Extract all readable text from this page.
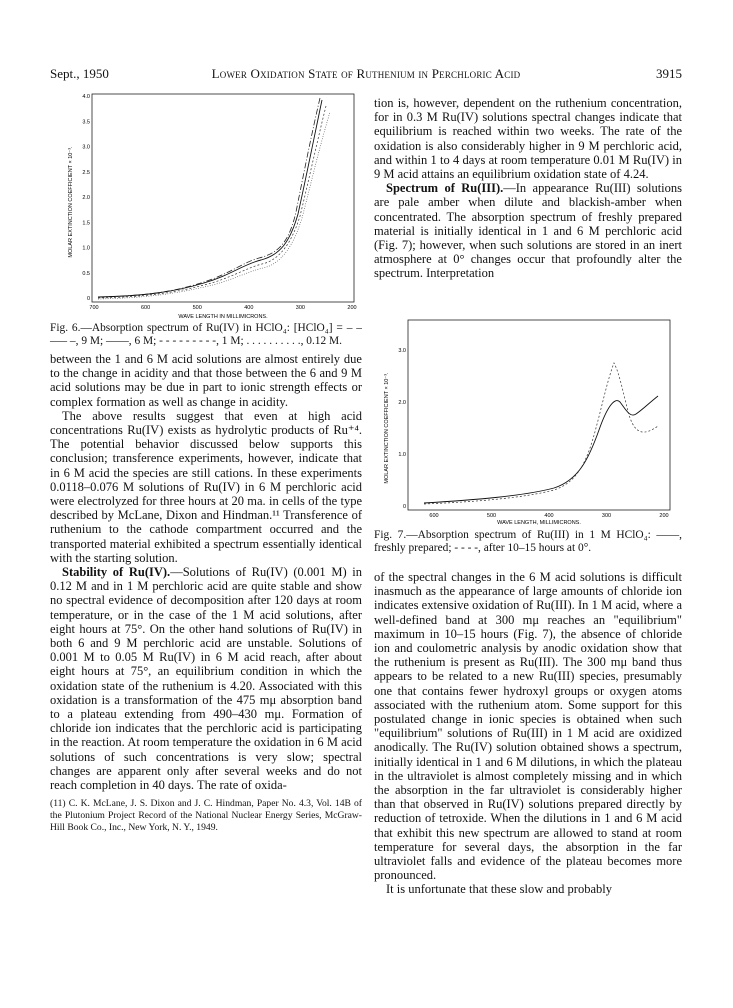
Sept., 1950	Lower Oxidation State of Ruthenium in Perchloric Acid	3915
4.0
3.5
3.0
2.5
2.0
1.5
1.0
0.5
0
700	600	500	400	300	200
MOLAR EXTINCTION COEFFICIENT × 10⁻³.
WAVE LENGTH IN MILLIMICRONS.

Fig. 6.—Absorption spectrum of Ru(IV) in HClO₄: [HClO₄] = – – —– –, 9 M; ——, 6 M; - - - - - - - - -, 1 M; . . . . . . . . . ., 0.12 M.

between the 1 and 6 M acid solutions are almost entirely due to the change in acidity and that those between the 6 and 9 M acid solutions may be due in part to ionic strength effects or complex formation as well as change in acidity.

The above results suggest that even at high acid concentrations Ru(IV) exists as hydrolytic products of Ru⁺⁴. The potential behavior discussed below supports this conclusion; transference experiments, however, indicate that in 6 M acid the species are still cations. In these experiments 0.0118–0.076 M solutions of Ru(IV) in 6 M perchloric acid were electrolyzed for three hours at 20 ma. in cells of the type described by McLane, Dixon and Hindman.¹¹ Transference of ruthenium to the cathode compartment occurred and the transported material exhibited a spectrum essentially identical with the starting solution.

Stability of Ru(IV).—Solutions of Ru(IV) (0.001 M) in 0.12 M and in 1 M perchloric acid are quite stable and show no spectral evidence of decomposition after 120 days at room temperature, or in the case of the 1 M acid solutions, after eight hours at 75°. On the other hand solutions of Ru(IV) in both 6 and 9 M perchloric acid are unstable. Solutions of 0.001 M to 0.05 M Ru(IV) in 6 M acid reach, after about eight hours at 75°, an equilibrium condition in which the oxidation state of the ruthenium is 4.20. Associated with this oxidation is a transformation of the 475 mμ absorption band to a plateau extending from 490–430 mμ. Formation of chloride ion indicates that the perchloric acid is participating in the reaction. At room temperature the oxidation in 6 M acid solutions of such concentrations is very slow; spectral changes are apparent only after several weeks and do not reach completion in 40 days. The rate of oxida-

(11) C. K. McLane, J. S. Dixon and J. C. Hindman, Paper No. 4.3, Vol. 14B of the Plutonium Project Record of the National Nuclear Energy Series, McGraw-Hill Book Co., Inc., New York, N. Y., 1949.

tion is, however, dependent on the ruthenium concentration, for in 0.3 M Ru(IV) solutions spectral changes indicate that equilibrium is reached within two weeks. The rate of the oxidation is also considerably higher in 9 M perchloric acid, and within 1 to 4 days at room temperature 0.01 M Ru(IV) in 9 M acid attains an equilibrium oxidation state of 4.24.

Spectrum of Ru(III).—In appearance Ru(III) solutions are pale amber when dilute and blackish-amber when concentrated. The absorption spectrum of freshly prepared material is initially identical in 1 and 6 M perchloric acid (Fig. 7); however, when such solutions are stored in an inert atmosphere at 0° changes occur that profoundly alter the spectrum. Interpretation

3.0
2.0
1.0
0
600	500	400	300	200
MOLAR EXTINCTION COEFFICIENT × 10⁻³.
WAVE LENGTH, MILLIMICRONS.

Fig. 7.—Absorption spectrum of Ru(III) in 1 M HClO₄: ——, freshly prepared; - - - -, after 10–15 hours at 0°.

of the spectral changes in the 6 M acid solutions is difficult inasmuch as the appearance of large amounts of chloride ion indicates extensive oxidation of Ru(III). In 1 M acid, where a well-defined band at 300 mμ reaches an "equilibrium" maximum in 10–15 hours (Fig. 7), the absence of chloride ion and coulometric analysis by anodic oxidation show that the ruthenium is present as Ru(III). The 300 mμ band thus appears to be related to a new Ru(III) species, presumably one that contains fewer hydroxyl groups or oxygen atoms associated with the ruthenium atom. Some support for this postulated change in ionic species is obtained when such "equilibrium" solutions of Ru(III) in 1 M acid are oxidized anodically. The Ru(IV) solution obtained shows a spectrum, initially identical in 1 and 6 M dilutions, in which the plateau in the ultraviolet is almost completely missing and in which the absorption in the far ultraviolet is considerably higher than that observed in Ru(IV) solutions prepared directly by reduction of tetroxide. When the dilutions in 1 and 6 M acid that exhibit this new spectrum are allowed to stand at room temperature for several days, the absorption in the far ultraviolet falls and evidence of the plateau becomes more pronounced.

It is unfortunate that these slow and probably
